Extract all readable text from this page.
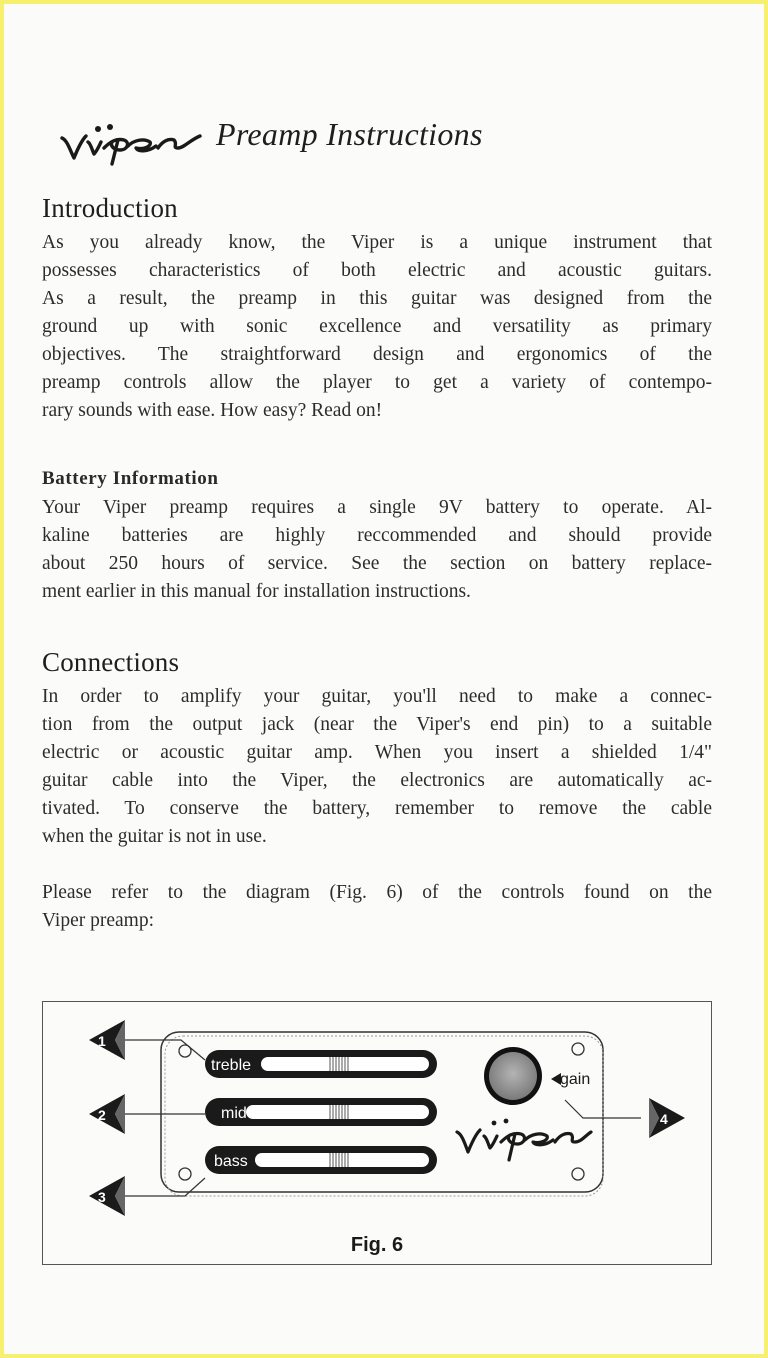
Preamp Instructions
Introduction
As you already know, the Viper is a unique instrument that
possesses characteristics of both electric and acoustic guitars.
As a result, the preamp in this guitar was designed from the
ground up with sonic excellence and versatility as primary
objectives. The straightforward design and ergonomics of the
preamp controls allow the player to get a variety of contempo-
rary sounds with ease. How easy? Read on!
Battery Information
Your Viper preamp requires a single 9V battery to operate. Al-
kaline batteries are highly reccommended and should provide
about 250 hours of service. See the section on battery replace-
ment earlier in this manual for installation instructions.
Connections
In order to amplify your guitar, you'll need to make a connec-
tion from the output jack (near the Viper's end pin) to a suitable
electric or acoustic guitar amp. When you insert a shielded 1/4"
guitar cable into the Viper, the electronics are automatically ac-
tivated. To conserve the battery, remember to remove the cable
when the guitar is not in use.
Please refer to the diagram (Fig. 6) of the controls found on the
Viper preamp:
treble
mid
bass
gain
1
2
3
4
Fig. 6
